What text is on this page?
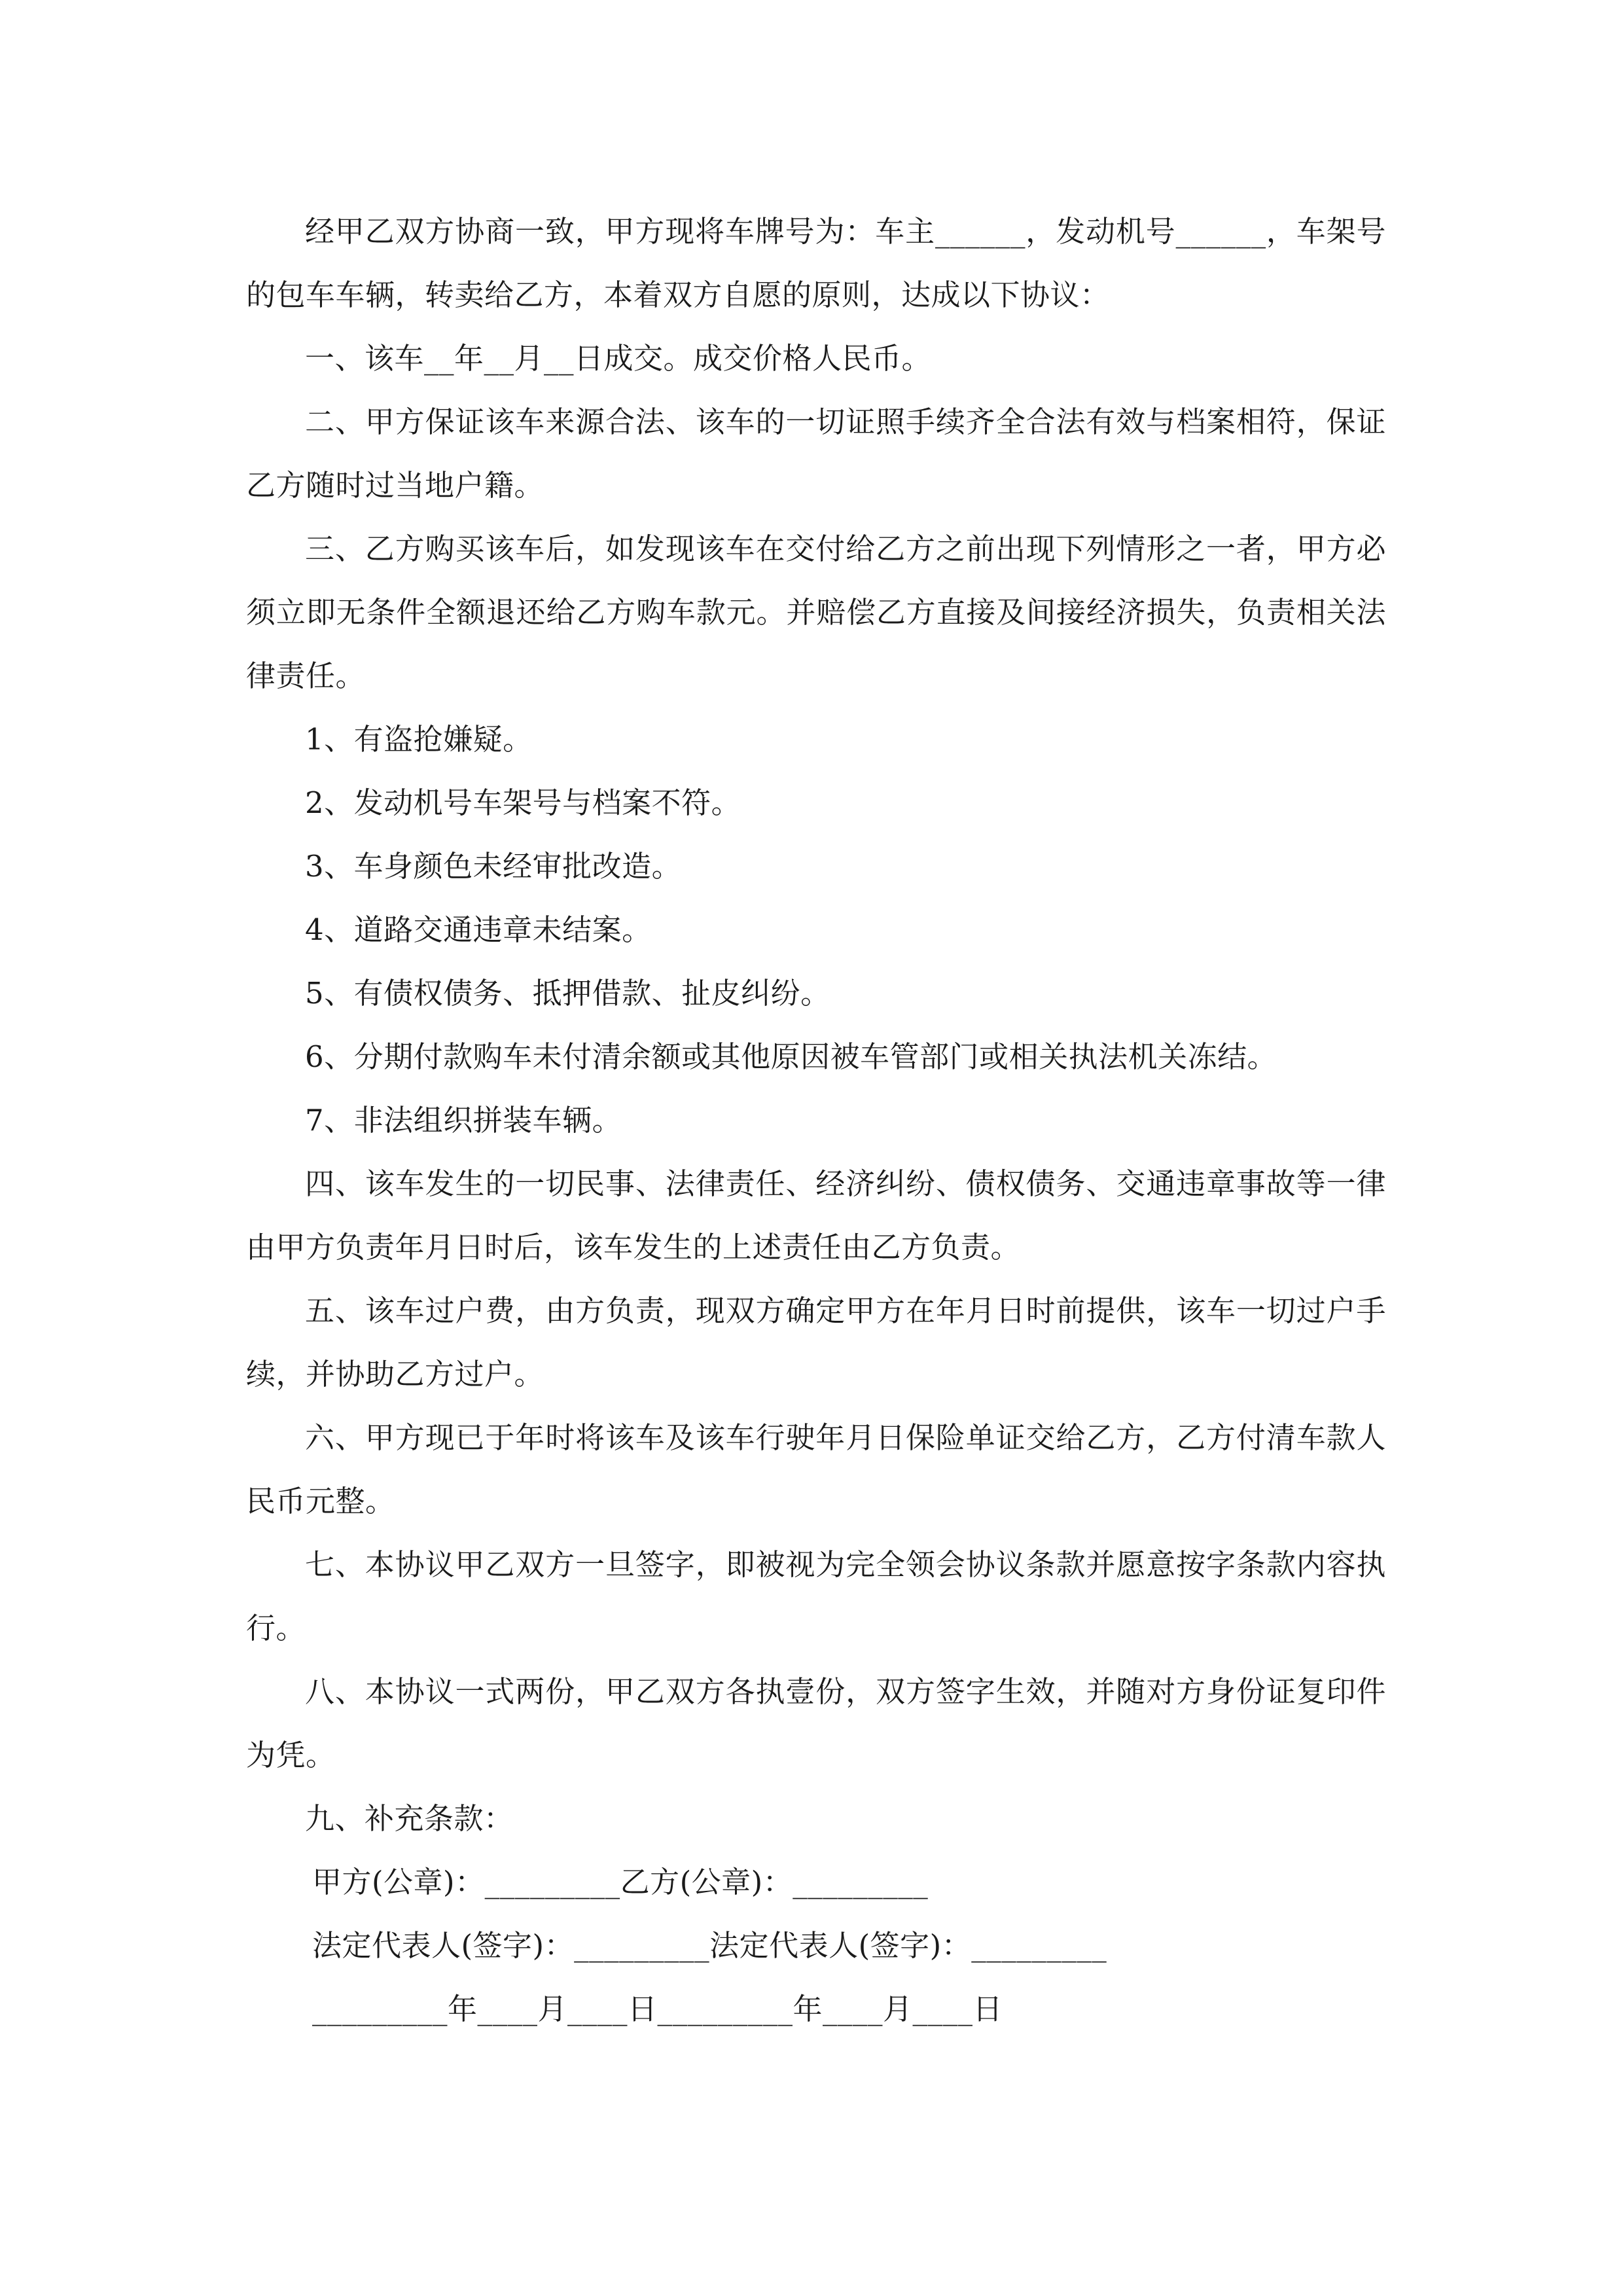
经甲乙双方协商一致，甲方现将车牌号为：车主______，发动机号______，车架号的包车车辆，转卖给乙方，本着双方自愿的原则，达成以下协议：

一、该车__年__月__日成交。成交价格人民币。

二、甲方保证该车来源合法、该车的一切证照手续齐全合法有效与档案相符，保证乙方随时过当地户籍。

三、乙方购买该车后，如发现该车在交付给乙方之前出现下列情形之一者，甲方必须立即无条件全额退还给乙方购车款元。并赔偿乙方直接及间接经济损失，负责相关法律责任。

1、有盗抢嫌疑。

2、发动机号车架号与档案不符。

3、车身颜色未经审批改造。

4、道路交通违章未结案。

5、有债权债务、抵押借款、扯皮纠纷。

6、分期付款购车未付清余额或其他原因被车管部门或相关执法机关冻结。

7、非法组织拼装车辆。

四、该车发生的一切民事、法律责任、经济纠纷、债权债务、交通违章事故等一律由甲方负责年月日时后，该车发生的上述责任由乙方负责。

五、该车过户费，由方负责，现双方确定甲方在年月日时前提供，该车一切过户手续，并协助乙方过户。

六、甲方现已于年时将该车及该车行驶年月日保险单证交给乙方，乙方付清车款人民币元整。

七、本协议甲乙双方一旦签字，即被视为完全领会协议条款并愿意按字条款内容执行。

八、本协议一式两份，甲乙双方各执壹份，双方签字生效，并随对方身份证复印件为凭。

九、补充条款：

甲方(公章)：_________乙方(公章)：_________

法定代表人(签字)：_________法定代表人(签字)：_________

_________年____月____日_________年____月____日
